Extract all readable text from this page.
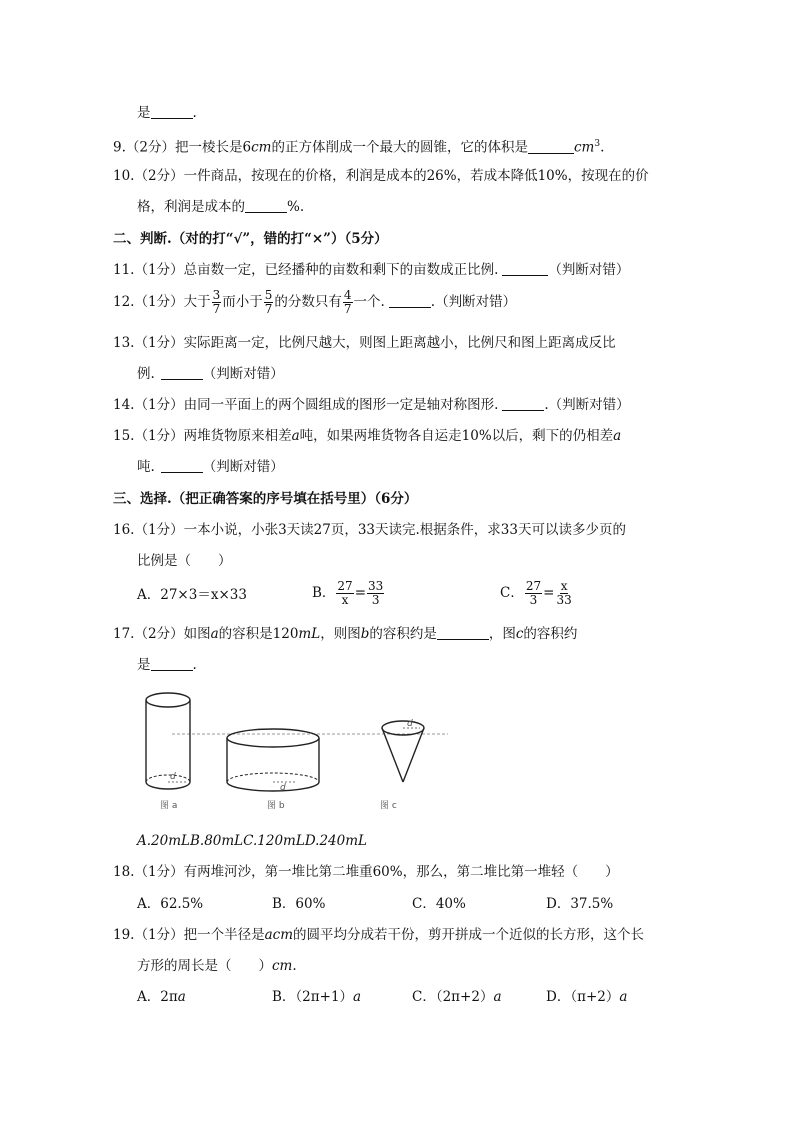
是	.
9.（2分）把一棱长是6cm的正方体削成一个最大的圆锥，它的体积是	$cm^3$.
10.（2分）一件商品，按现在的价格，利润是成本的26%，若成本降低10%，按现在的价
格，利润是成本的	%.
二、判断.（对的打“√”，错的打“×”）（5分）
11.（1分）总亩数一定，已经播种的亩数和剩下的亩数成正比例.	（判断对错）
12.（1分）大于 $\frac{3}{7}$ 而小于 $\frac{5}{7}$ 的分数只有 $\frac{4}{7}$ 一个.	.（判断对错）
13.（1分）实际距离一定，比例尺越大，则图上距离越小，比例尺和图上距离成反比
例.	（判断对错）
14.（1分）由同一平面上的两个圆组成的图形一定是轴对称图形.	.（判断对错）
15.（1分）两堆货物原来相差a吨，如果两堆货物各自运走10%以后，剩下的仍相差a
吨.	（判断对错）
三、选择.（把正确答案的序号填在括号里）（6分）
16.（1分）一本小说，小张3天读27页，33天读完.根据条件，求33天可以读多少页的
比例是（　　）
A．27×3＝x×33	B． $\frac{27}{x} = \frac{33}{3}$	C． $\frac{27}{3} = \frac{x}{33}$
17.（2分）如图a的容积是120mL，则图b的容积约是	，图c的容积约
是	.
d
d
d
图 a	图 b	图 c
A.20mLB.80mLC.120mLD.240mL
18.（1分）有两堆河沙，第一堆比第二堆重60%，那么，第二堆比第一堆轻（　　）
A．62.5%	B．60%	C．40%	D．37.5%
19.（1分）把一个半径是acm的圆平均分成若干份，剪开拼成一个近似的长方形，这个长
方形的周长是（　　）cm.
A．2πa	B．（2π+1）a	C．（2π+2）a	D．（π+2）a
